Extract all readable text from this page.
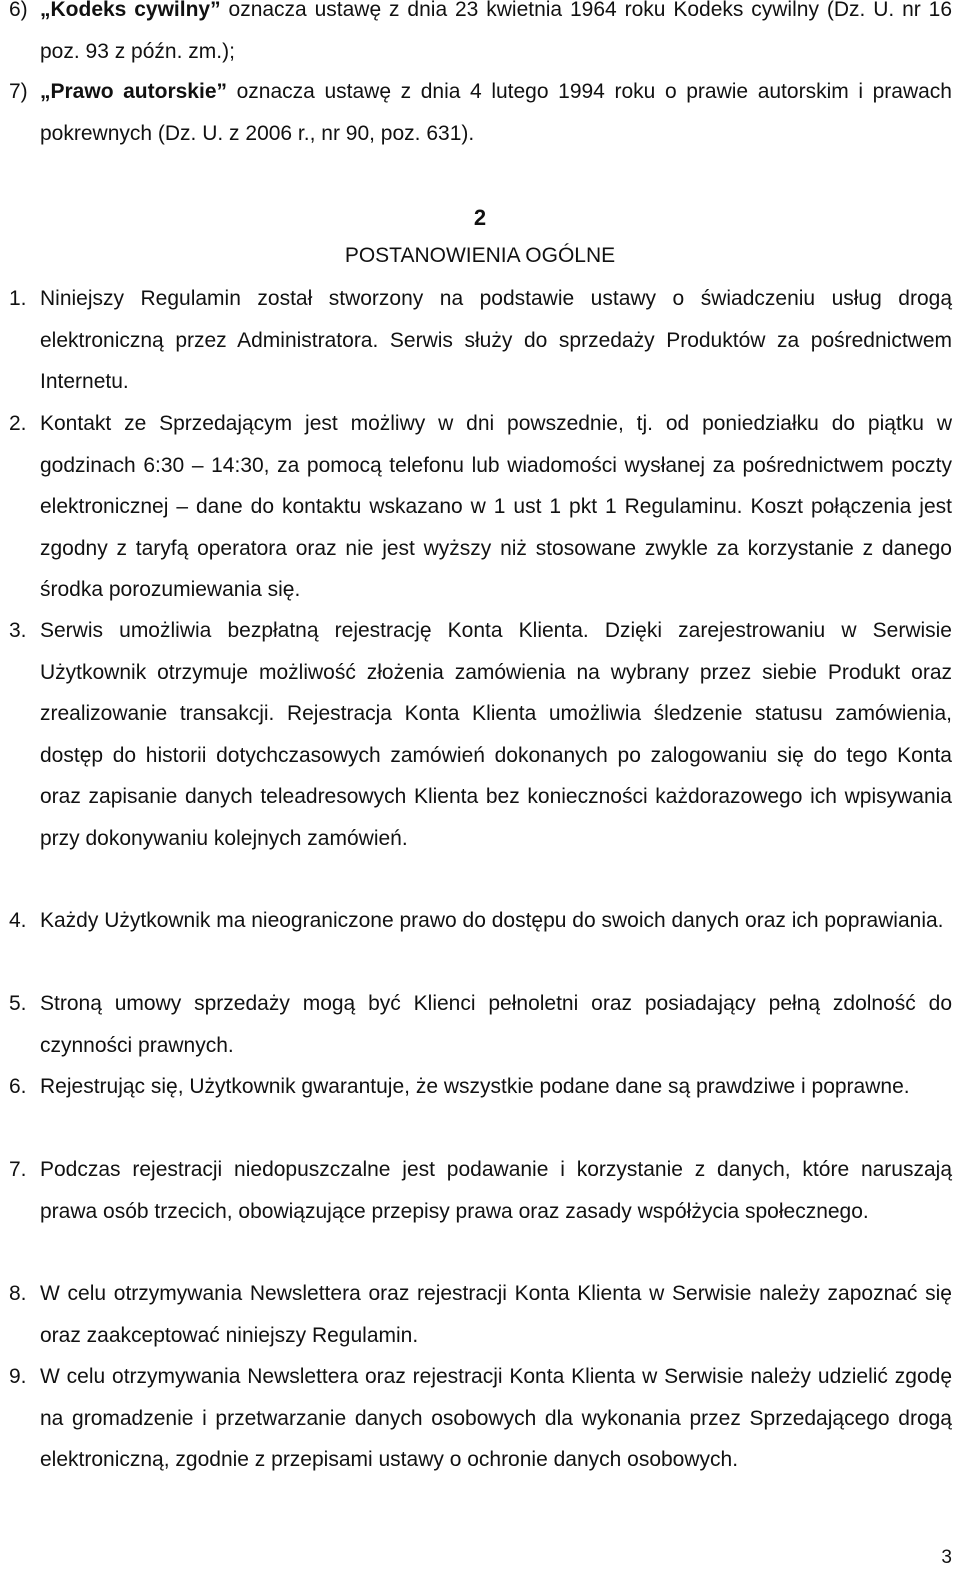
6) „Kodeks cywilny” oznacza ustawę z dnia 23 kwietnia 1964 roku Kodeks cywilny (Dz. U. nr 16 poz. 93 z późn. zm.);
7) „Prawo autorskie” oznacza ustawę z dnia 4 lutego 1994 roku o prawie autorskim i prawach pokrewnych (Dz. U. z 2006 r., nr 90, poz. 631).
2
POSTANOWIENIA OGÓLNE
1. Niniejszy Regulamin został stworzony na podstawie ustawy o świadczeniu usług drogą elektroniczną przez Administratora. Serwis służy do sprzedaży Produktów za pośrednictwem Internetu.
2. Kontakt ze Sprzedającym jest możliwy w dni powszednie, tj. od poniedziałku do piątku w godzinach 6:30 – 14:30, za pomocą telefonu lub wiadomości wysłanej za pośrednictwem poczty elektronicznej – dane do kontaktu wskazano w 1 ust 1 pkt 1 Regulaminu. Koszt połączenia jest zgodny z taryfą operatora oraz nie jest wyższy niż stosowane zwykle za korzystanie z danego środka porozumiewania się.
3. Serwis umożliwia bezpłatną rejestrację Konta Klienta. Dzięki zarejestrowaniu w Serwisie Użytkownik otrzymuje możliwość złożenia zamówienia na wybrany przez siebie Produkt oraz zrealizowanie transakcji. Rejestracja Konta Klienta umożliwia śledzenie statusu zamówienia, dostęp do historii dotychczasowych zamówień dokonanych po zalogowaniu się do tego Konta oraz zapisanie danych teleadresowych Klienta bez konieczności każdorazowego ich wpisywania przy dokonywaniu kolejnych zamówień.
4. Każdy Użytkownik ma nieograniczone prawo do dostępu do swoich danych oraz ich poprawiania.
5. Stroną umowy sprzedaży mogą być Klienci pełnoletni oraz posiadający pełną zdolność do czynności prawnych.
6. Rejestrując się, Użytkownik gwarantuje, że wszystkie podane dane są prawdziwe i poprawne.
7. Podczas rejestracji niedopuszczalne jest podawanie i korzystanie z danych, które naruszają prawa osób trzecich, obowiązujące przepisy prawa oraz zasady współżycia społecznego.
8. W celu otrzymywania Newslettera oraz rejestracji Konta Klienta w Serwisie należy zapoznać się oraz zaakceptować niniejszy Regulamin.
9. W celu otrzymywania Newslettera oraz rejestracji Konta Klienta w Serwisie należy udzielić zgodę na gromadzenie i przetwarzanie danych osobowych dla wykonania przez Sprzedającego drogą elektroniczną, zgodnie z przepisami ustawy o ochronie danych osobowych.
3
